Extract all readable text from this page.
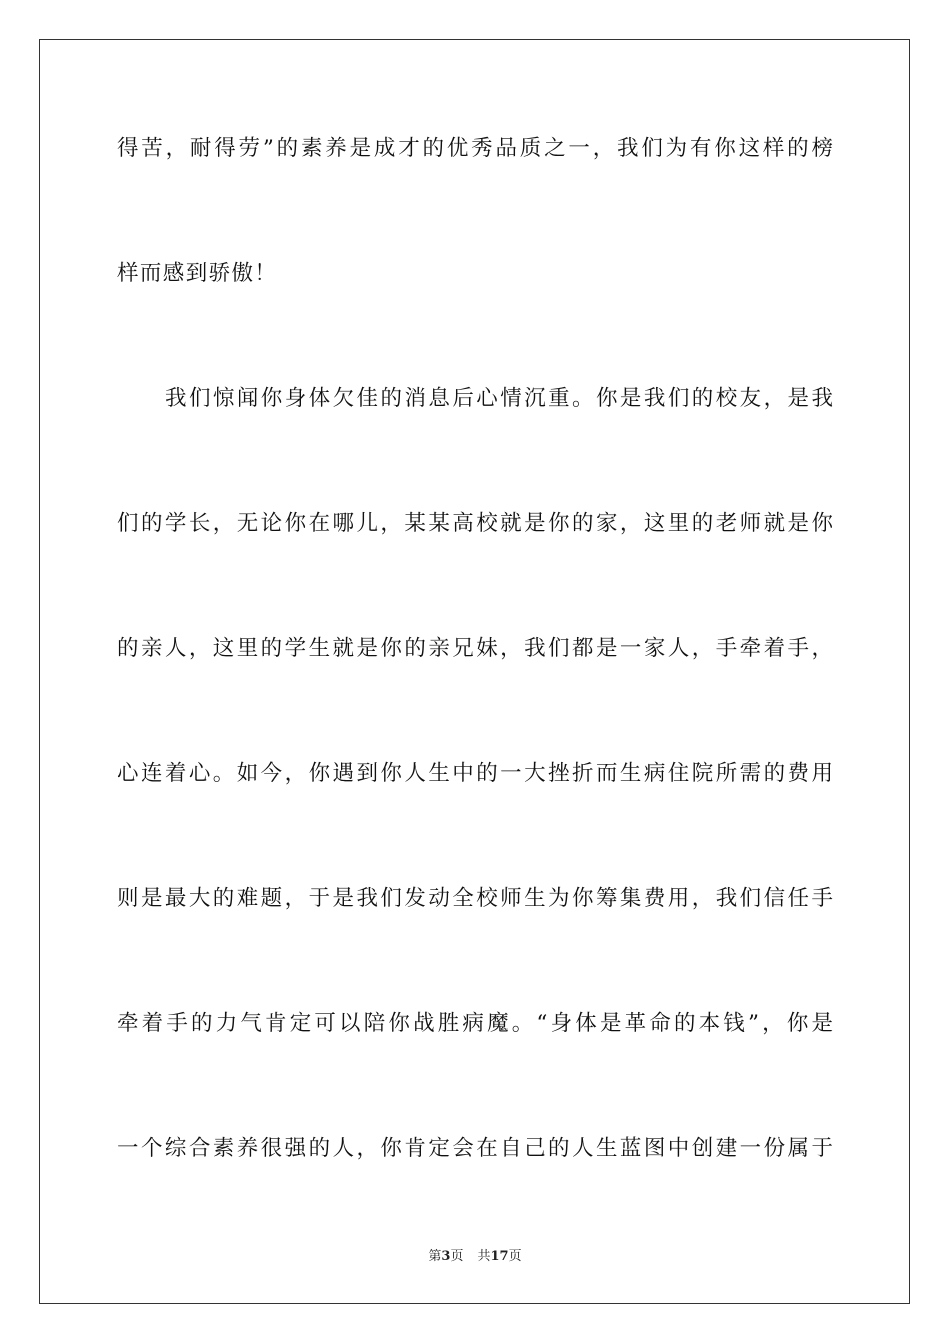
得苦，耐得劳”的素养是成才的优秀品质之一，我们为有你这样的榜
样而感到骄傲！
我们惊闻你身体欠佳的消息后心情沉重。你是我们的校友，是我
们的学长，无论你在哪儿，某某高校就是你的家，这里的老师就是你
的亲人，这里的学生就是你的亲兄妹，我们都是一家人，手牵着手，
心连着心。如今，你遇到你人生中的一大挫折而生病住院所需的费用
则是最大的难题，于是我们发动全校师生为你筹集费用，我们信任手
牵着手的力气肯定可以陪你战胜病魔。“身体是革命的本钱”，你是
一个综合素养很强的人，你肯定会在自己的人生蓝图中创建一份属于
第3页 共17页
